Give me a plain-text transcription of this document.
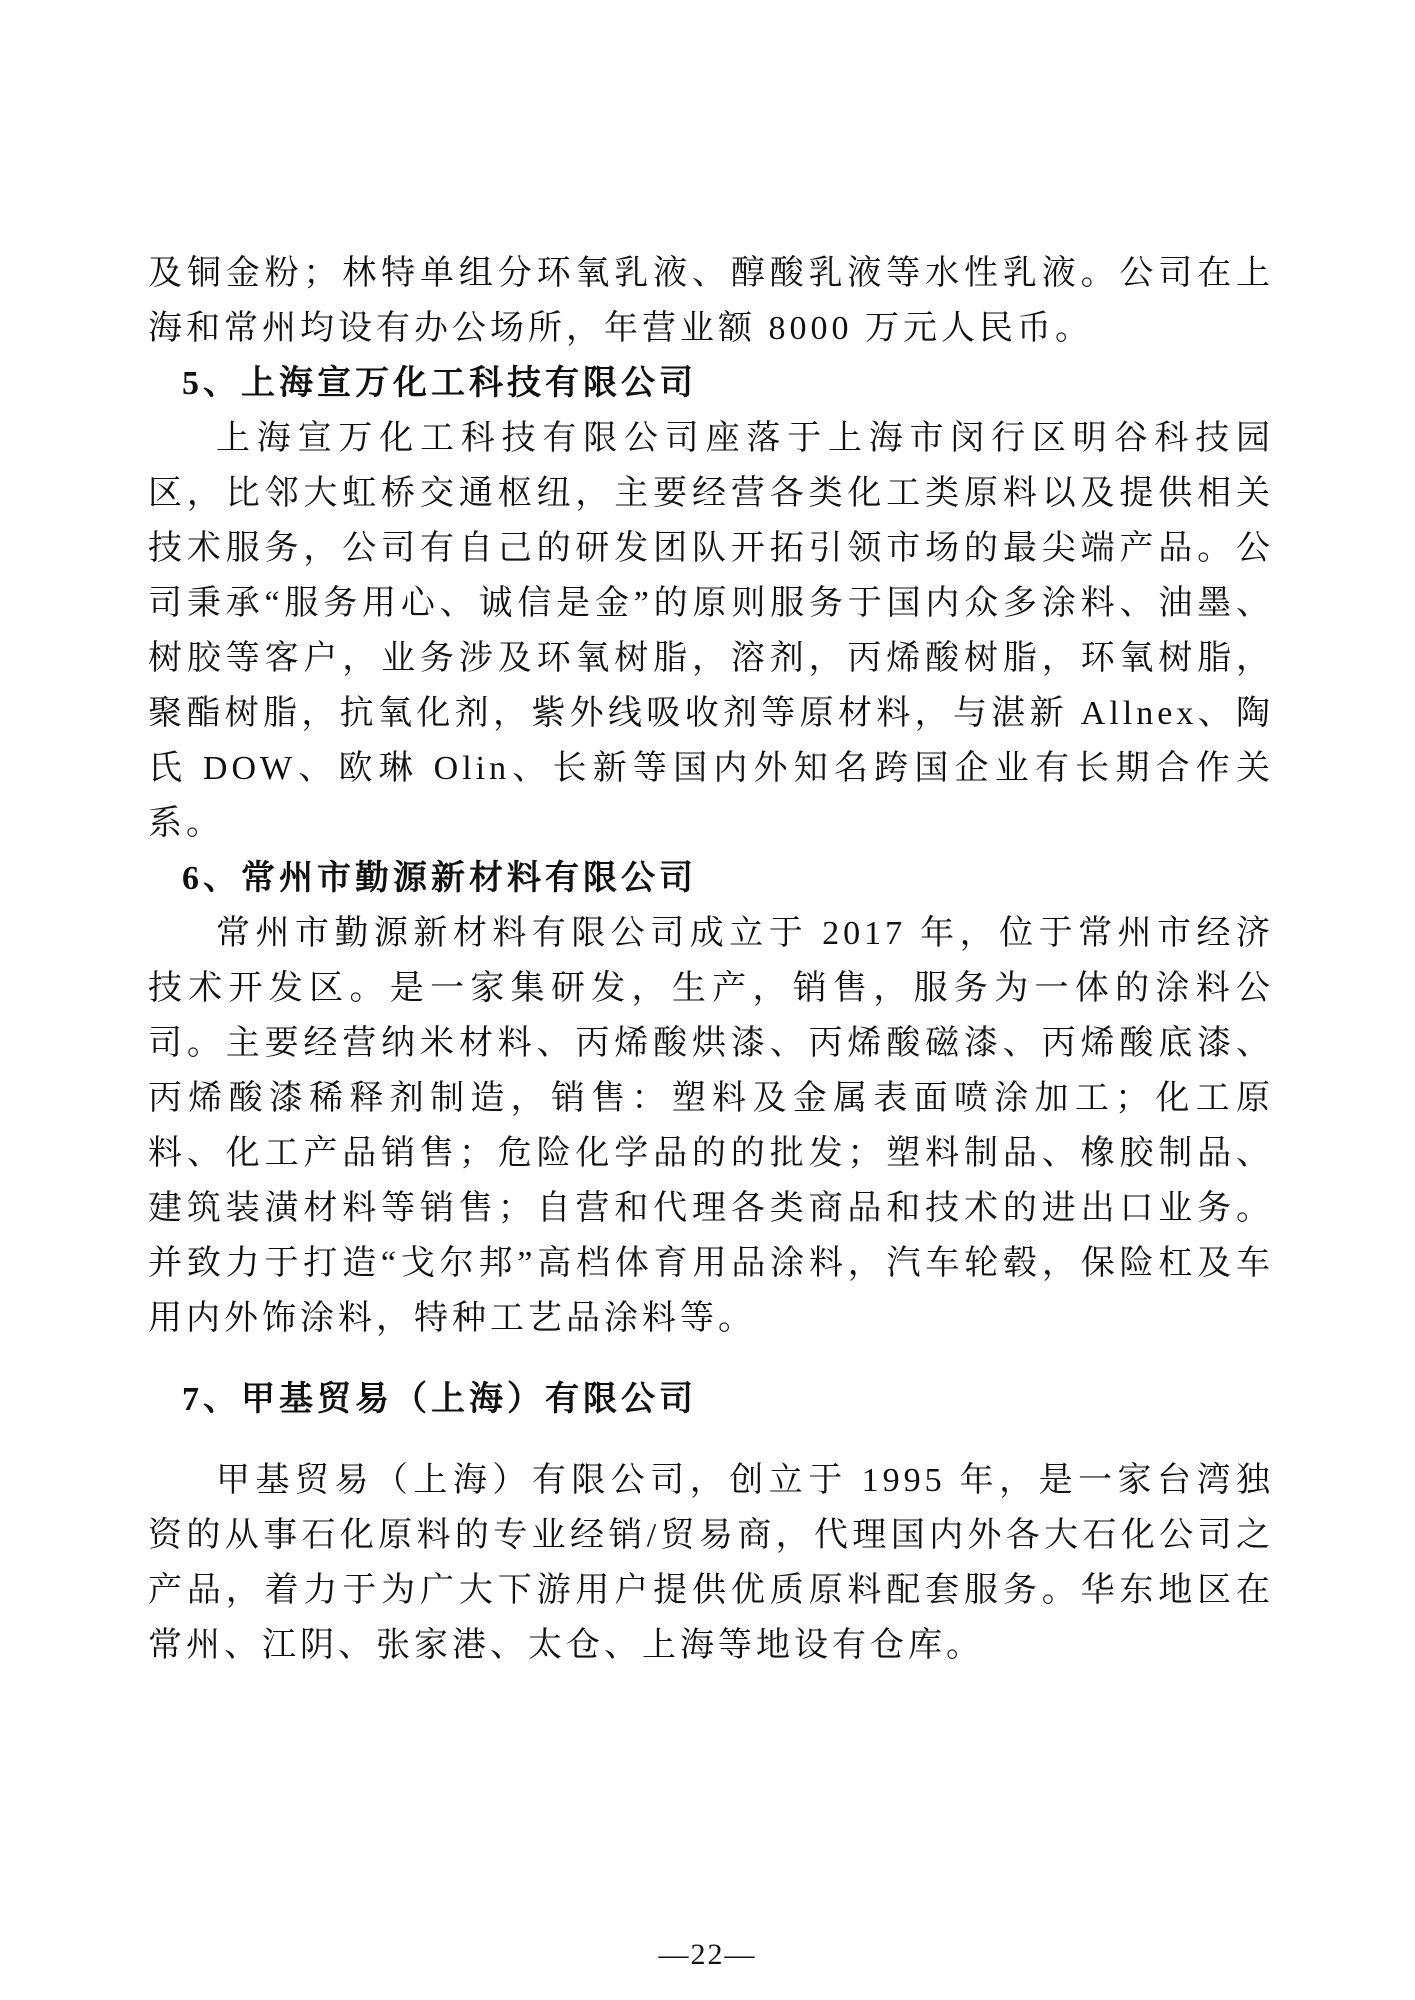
及铜金粉；林特单组分环氧乳液、醇酸乳液等水性乳液。公司在上海和常州均设有办公场所，年营业额 8000 万元人民币。

5、上海宣万化工科技有限公司

上海宣万化工科技有限公司座落于上海市闵行区明谷科技园区，比邻大虹桥交通枢纽，主要经营各类化工类原料以及提供相关技术服务，公司有自己的研发团队开拓引领市场的最尖端产品。公司秉承“服务用心、诚信是金”的原则服务于国内众多涂料、油墨、树胶等客户，业务涉及环氧树脂，溶剂，丙烯酸树脂，环氧树脂，聚酯树脂，抗氧化剂，紫外线吸收剂等原材料，与湛新 Allnex、陶氏 DOW、欧琳 Olin、长新等国内外知名跨国企业有长期合作关系。

6、常州市勤源新材料有限公司

常州市勤源新材料有限公司成立于 2017 年，位于常州市经济技术开发区。是一家集研发，生产，销售，服务为一体的涂料公司。主要经营纳米材料、丙烯酸烘漆、丙烯酸磁漆、丙烯酸底漆、丙烯酸漆稀释剂制造，销售：塑料及金属表面喷涂加工；化工原料、化工产品销售；危险化学品的的批发；塑料制品、橡胶制品、建筑装潢材料等销售；自营和代理各类商品和技术的进出口业务。并致力于打造“戈尔邦”高档体育用品涂料，汽车轮毂，保险杠及车用内外饰涂料，特种工艺品涂料等。

7、甲基贸易（上海）有限公司

甲基贸易（上海）有限公司，创立于 1995 年，是一家台湾独资的从事石化原料的专业经销/贸易商，代理国内外各大石化公司之产品，着力于为广大下游用户提供优质原料配套服务。华东地区在常州、江阴、张家港、太仓、上海等地设有仓库。

—22—
